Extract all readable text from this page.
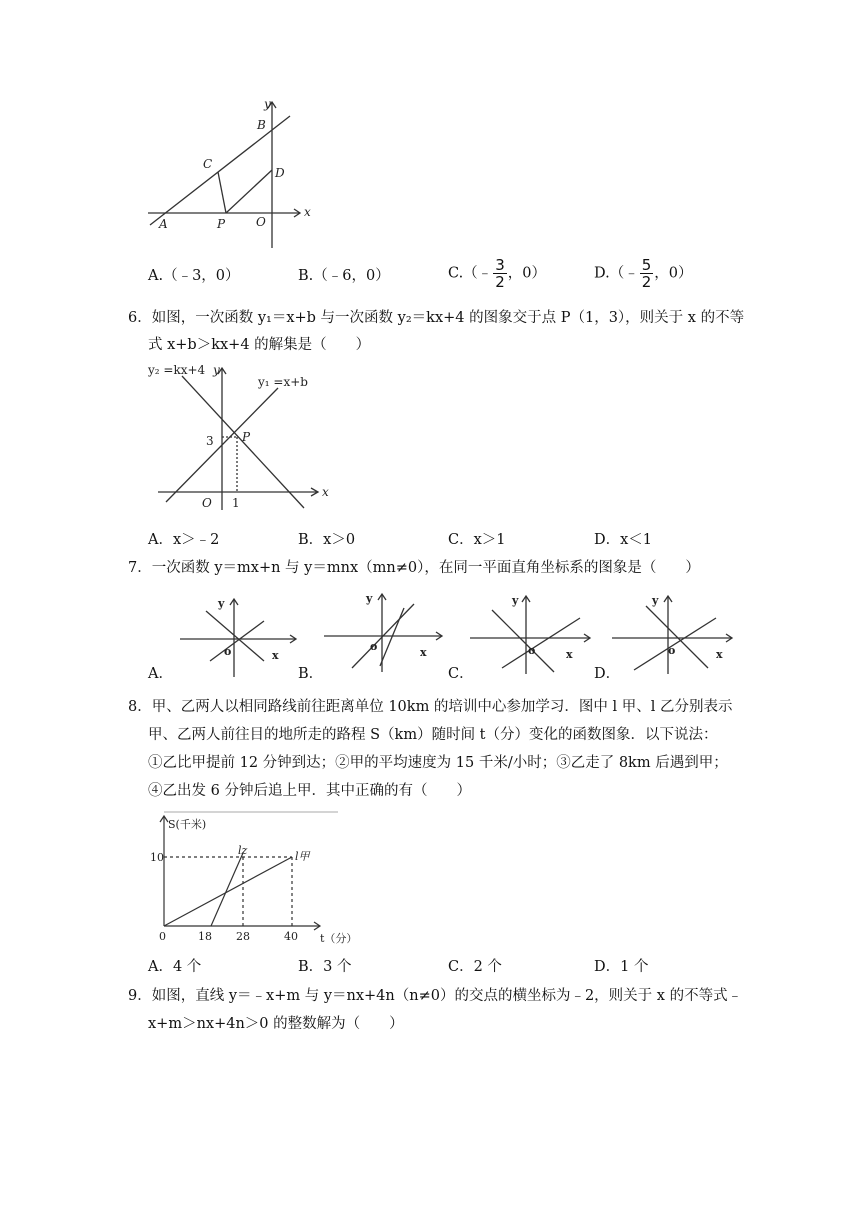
y
x
B
C
D
A	P	O
A.（﹣3，0）	B.（﹣6，0）	C.（﹣ $\frac{3}{2}$ ，0）	D.（﹣ $\frac{5}{2}$ ，0）
6．如图，一次函数 y₁＝x+b 与一次函数 y₂＝kx+4 的图象交于点 P（1，3），则关于 x 的不等
式 x+b＞kx+4 的解集是（　　）
y₂ =kx+4 y
y₁ =x+b
3 P
O 1
x
A．x＞﹣2	B．x＞0	C．x＞1	D．x＜1
7．一次函数 y＝mx+n 与 y＝mnx（mn≠0），在同一平面直角坐标系的图象是（　　）
y
x
o
A．
y
x
o
B．
y
x
o
C．
y
x
o
D．
8．甲、乙两人以相同路线前往距离单位 10km 的培训中心参加学习．图中 l 甲、l 乙分别表示
甲、乙两人前往目的地所走的路程 S（km）随时间 t（分）变化的函数图象．以下说法：
①乙比甲提前 12 分钟到达；②甲的平均速度为 15 千米/小时；③乙走了 8km 后遇到甲；
④乙出发 6 分钟后追上甲．其中正确的有（　　）
S(千米)
10
0	18 28	40 t（分）
lz	l甲
A．4 个	B．3 个	C．2 个	D．1 个
9．如图，直线 y＝﹣x+m 与 y＝nx+4n（n≠0）的交点的横坐标为﹣2，则关于 x 的不等式﹣
x+m＞nx+4n＞0 的整数解为（　　）
